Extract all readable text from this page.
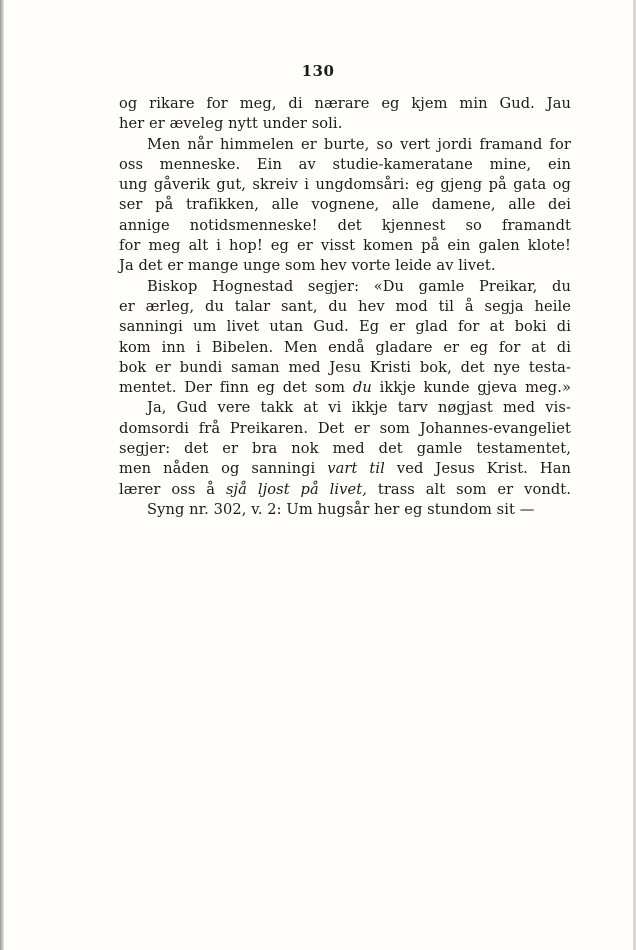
130
og rikare for meg, di nærare eg kjem min Gud. Jau
her er æveleg nytt under soli.
Men når himmelen er burte, so vert jordi framand for
oss menneske. Ein av studie-kameratane mine, ein
ung gåverik gut, skreiv i ungdomsåri: eg gjeng på gata og
ser på trafikken, alle vognene, alle damene, alle dei
annige notidsmenneske! det kjennest so framandt
for meg alt i hop! eg er visst komen på ein galen klote!
Ja det er mange unge som hev vorte leide av livet.
Biskop Hognestad segjer: «Du gamle Preikar, du
er ærleg, du talar sant, du hev mod til å segja heile
sanningi um livet utan Gud. Eg er glad for at boki di
kom inn i Bibelen. Men endå gladare er eg for at di
bok er bundi saman med Jesu Kristi bok, det nye testa-
mentet. Der finn eg det som du ikkje kunde gjeva meg.»
Ja, Gud vere takk at vi ikkje tarv nøgjast med vis-
domsordi frå Preikaren. Det er som Johannes-evangeliet
segjer: det er bra nok med det gamle testamentet,
men nåden og sanningi vart til ved Jesus Krist. Han
lærer oss å sjå ljost på livet, trass alt som er vondt.
Syng nr. 302, v. 2: Um hugsår her eg stundom sit —
